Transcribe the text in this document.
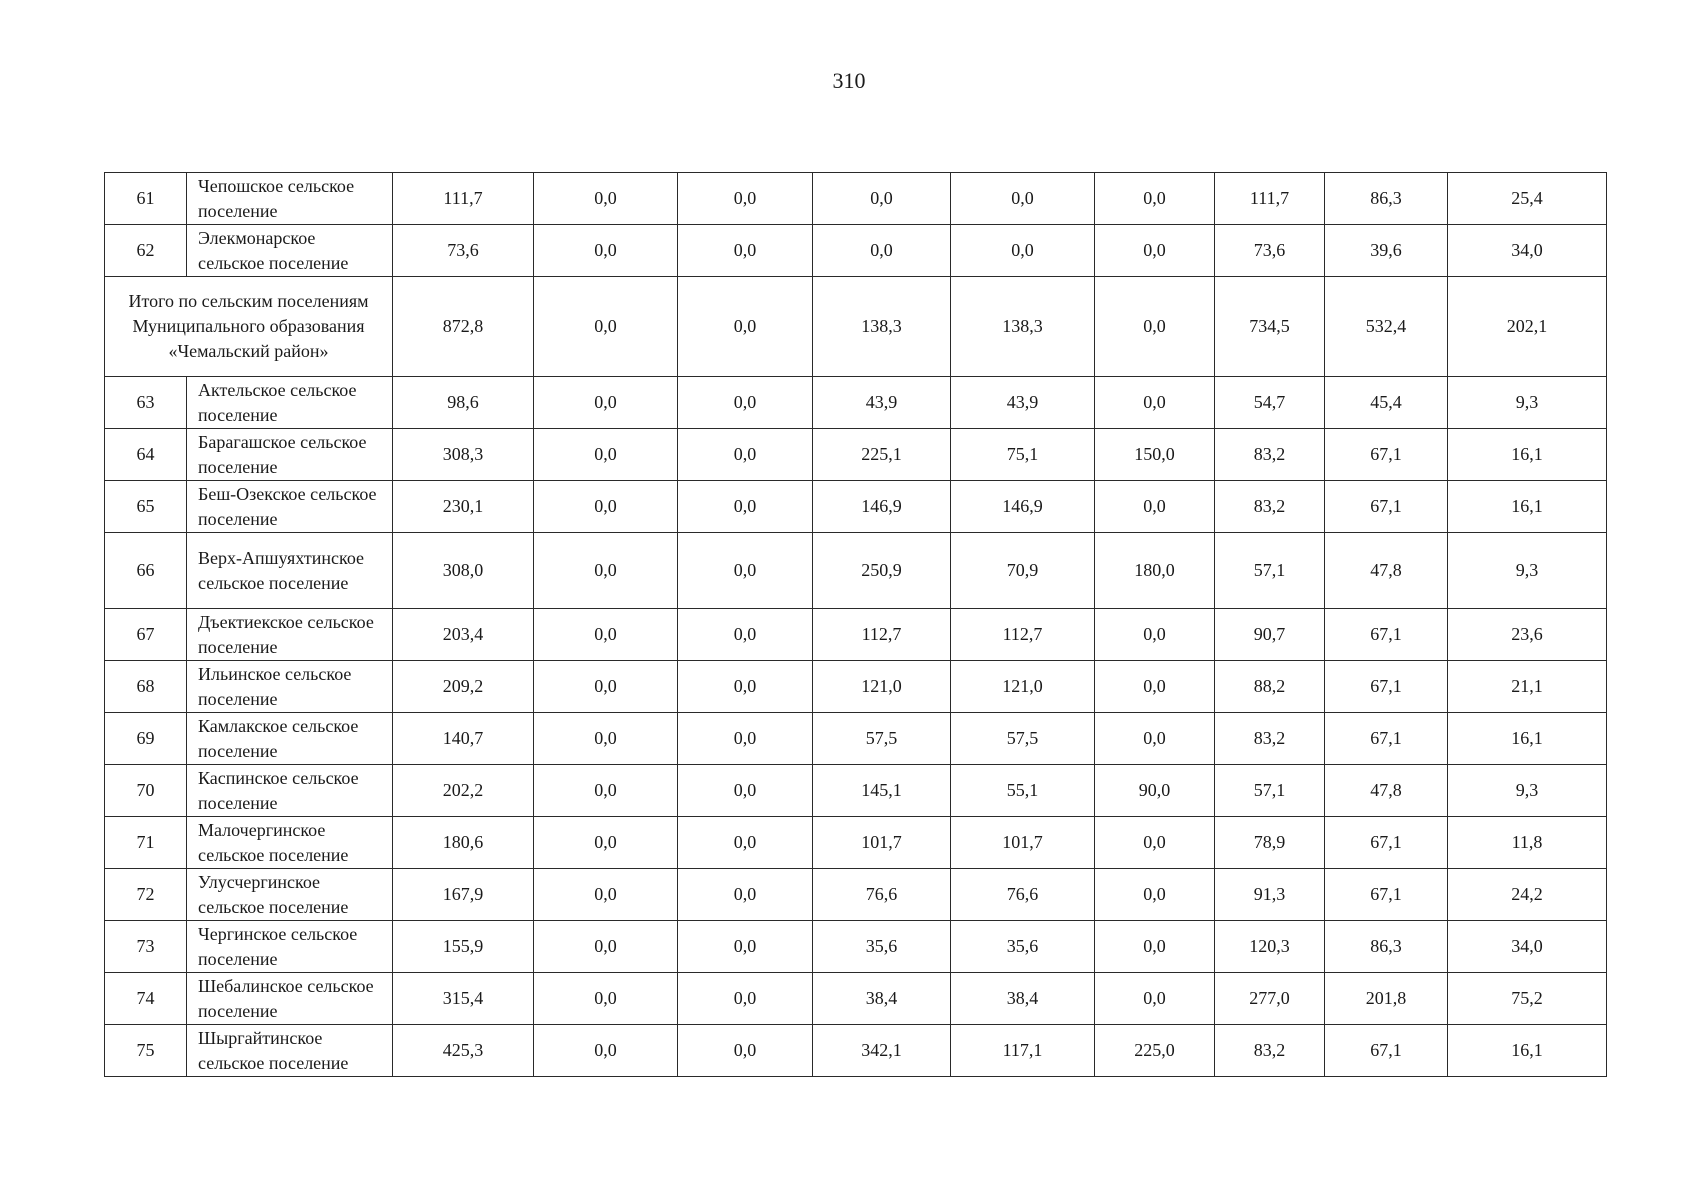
310
61	Чепошское сельское поселение	111,7	0,0	0,0	0,0	0,0	0,0	111,7	86,3	25,4
62	Элекмонарское сельское поселение	73,6	0,0	0,0	0,0	0,0	0,0	73,6	39,6	34,0
Итого по сельским поселениям Муниципального образования «Чемальский район»		872,8	0,0	0,0	138,3	138,3	0,0	734,5	532,4	202,1
63	Актельское сельское поселение	98,6	0,0	0,0	43,9	43,9	0,0	54,7	45,4	9,3
64	Барагашское сельское поселение	308,3	0,0	0,0	225,1	75,1	150,0	83,2	67,1	16,1
65	Беш-Озекское сельское поселение	230,1	0,0	0,0	146,9	146,9	0,0	83,2	67,1	16,1
66	Верх-Апшуяхтинское сельское поселение	308,0	0,0	0,0	250,9	70,9	180,0	57,1	47,8	9,3
67	Дъектиекское сельское поселение	203,4	0,0	0,0	112,7	112,7	0,0	90,7	67,1	23,6
68	Ильинское сельское поселение	209,2	0,0	0,0	121,0	121,0	0,0	88,2	67,1	21,1
69	Камлакское сельское поселение	140,7	0,0	0,0	57,5	57,5	0,0	83,2	67,1	16,1
70	Каспинское сельское поселение	202,2	0,0	0,0	145,1	55,1	90,0	57,1	47,8	9,3
71	Малочергинское сельское поселение	180,6	0,0	0,0	101,7	101,7	0,0	78,9	67,1	11,8
72	Улусчергинское сельское поселение	167,9	0,0	0,0	76,6	76,6	0,0	91,3	67,1	24,2
73	Чергинское сельское поселение	155,9	0,0	0,0	35,6	35,6	0,0	120,3	86,3	34,0
74	Шебалинское сельское поселение	315,4	0,0	0,0	38,4	38,4	0,0	277,0	201,8	75,2
75	Шыргайтинское сельское поселение	425,3	0,0	0,0	342,1	117,1	225,0	83,2	67,1	16,1
